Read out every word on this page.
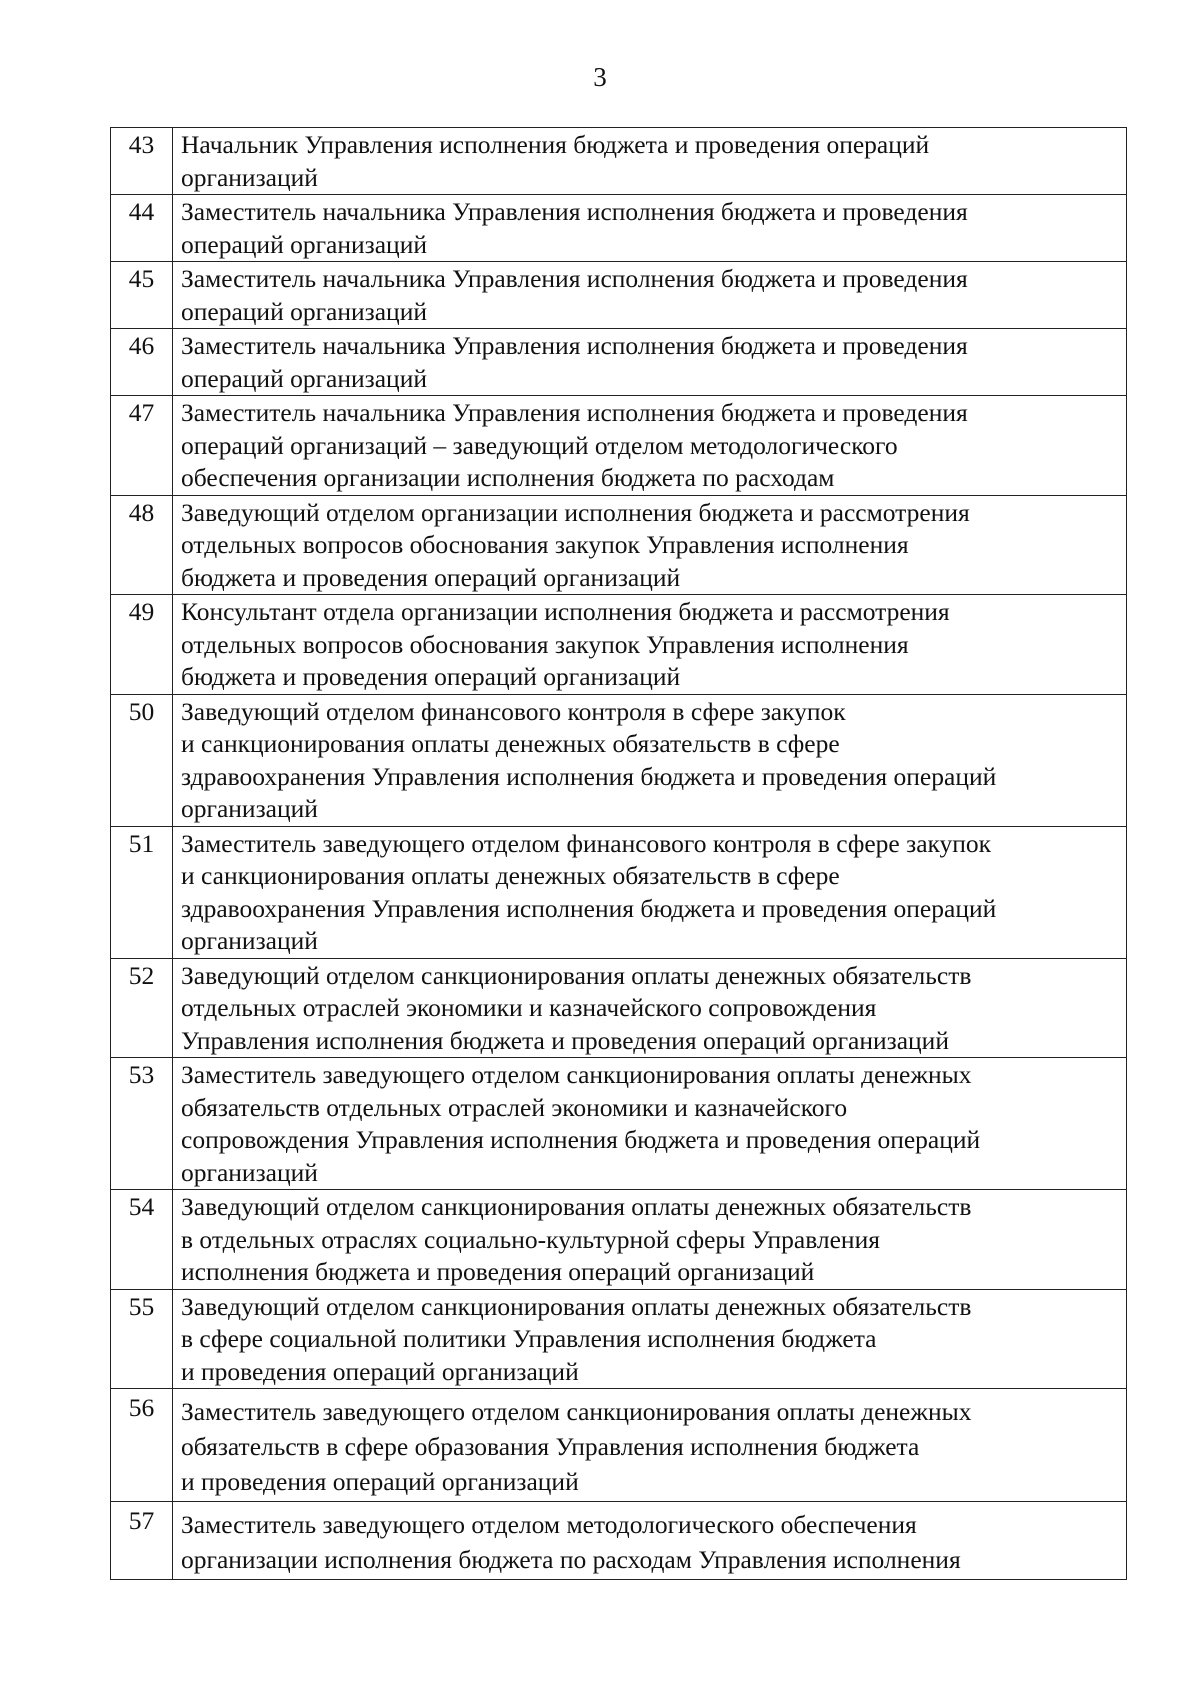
3
43	Начальник Управления исполнения бюджета и проведения операций
организаций

44	Заместитель начальника Управления исполнения бюджета и проведения
операций организаций

45	Заместитель начальника Управления исполнения бюджета и проведения
операций организаций

46	Заместитель начальника Управления исполнения бюджета и проведения
операций организаций

47	Заместитель начальника Управления исполнения бюджета и проведения
операций организаций – заведующий отделом методологического
обеспечения организации исполнения бюджета по расходам

48	Заведующий отделом организации исполнения бюджета и рассмотрения
отдельных вопросов обоснования закупок Управления исполнения
бюджета и проведения операций организаций

49	Консультант отдела организации исполнения бюджета и рассмотрения
отдельных вопросов обоснования закупок Управления исполнения
бюджета и проведения операций организаций

50	Заведующий отделом финансового контроля в сфере закупок
и санкционирования оплаты денежных обязательств в сфере
здравоохранения Управления исполнения бюджета и проведения операций
организаций

51	Заместитель заведующего отделом финансового контроля в сфере закупок
и санкционирования оплаты денежных обязательств в сфере
здравоохранения Управления исполнения бюджета и проведения операций
организаций

52	Заведующий отделом санкционирования оплаты денежных обязательств
отдельных отраслей экономики и казначейского сопровождения
Управления исполнения бюджета и проведения операций организаций

53	Заместитель заведующего отделом санкционирования оплаты денежных
обязательств отдельных отраслей экономики и казначейского
сопровождения Управления исполнения бюджета и проведения операций
организаций

54	Заведующий отделом санкционирования оплаты денежных обязательств
в отдельных отраслях социально-культурной сферы Управления
исполнения бюджета и проведения операций организаций

55	Заведующий отделом санкционирования оплаты денежных обязательств
в сфере социальной политики Управления исполнения бюджета
и проведения операций организаций

56	Заместитель заведующего отделом санкционирования оплаты денежных
обязательств в сфере образования Управления исполнения бюджета
и проведения операций организаций

57	Заместитель заведующего отделом методологического обеспечения
организации исполнения бюджета по расходам Управления исполнения
